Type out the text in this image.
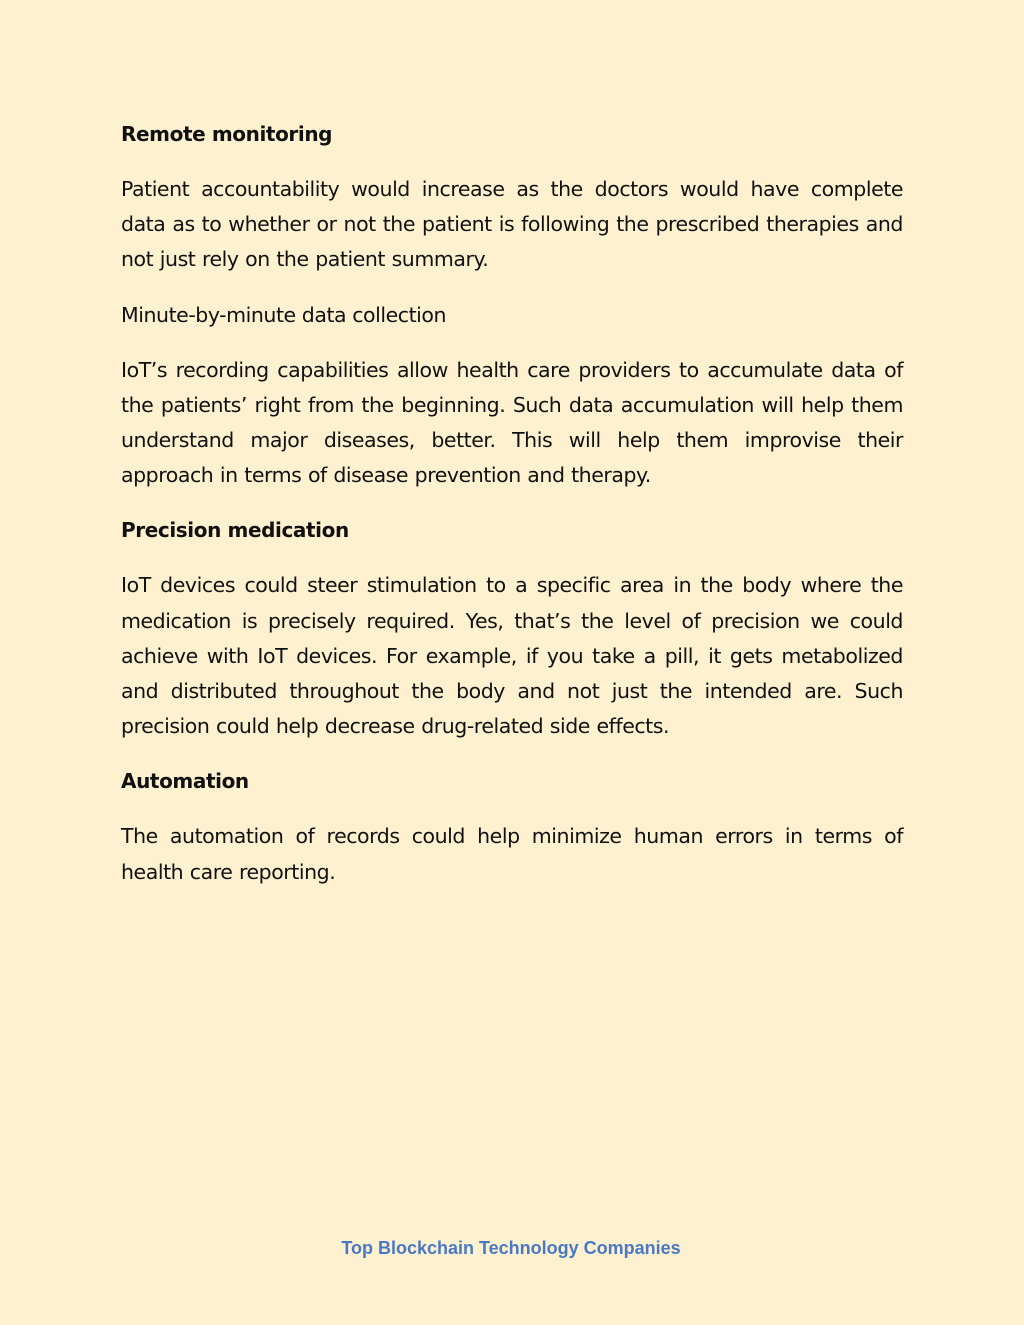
Remote monitoring
Patient accountability would increase as the doctors would have complete data as to whether or not the patient is following the prescribed therapies and not just rely on the patient summary.
Minute-by-minute data collection
IoT’s recording capabilities allow health care providers to accumulate data of the patients’ right from the beginning. Such data accumulation will help them understand major diseases, better. This will help them improvise their approach in terms of disease prevention and therapy.
Precision medication
IoT devices could steer stimulation to a specific area in the body where the medication is precisely required. Yes, that’s the level of precision we could achieve with IoT devices. For example, if you take a pill, it gets metabolized and distributed throughout the body and not just the intended are. Such precision could help decrease drug-related side effects.
Automation
The automation of records could help minimize human errors in terms of health care reporting.
Top Blockchain Technology Companies
